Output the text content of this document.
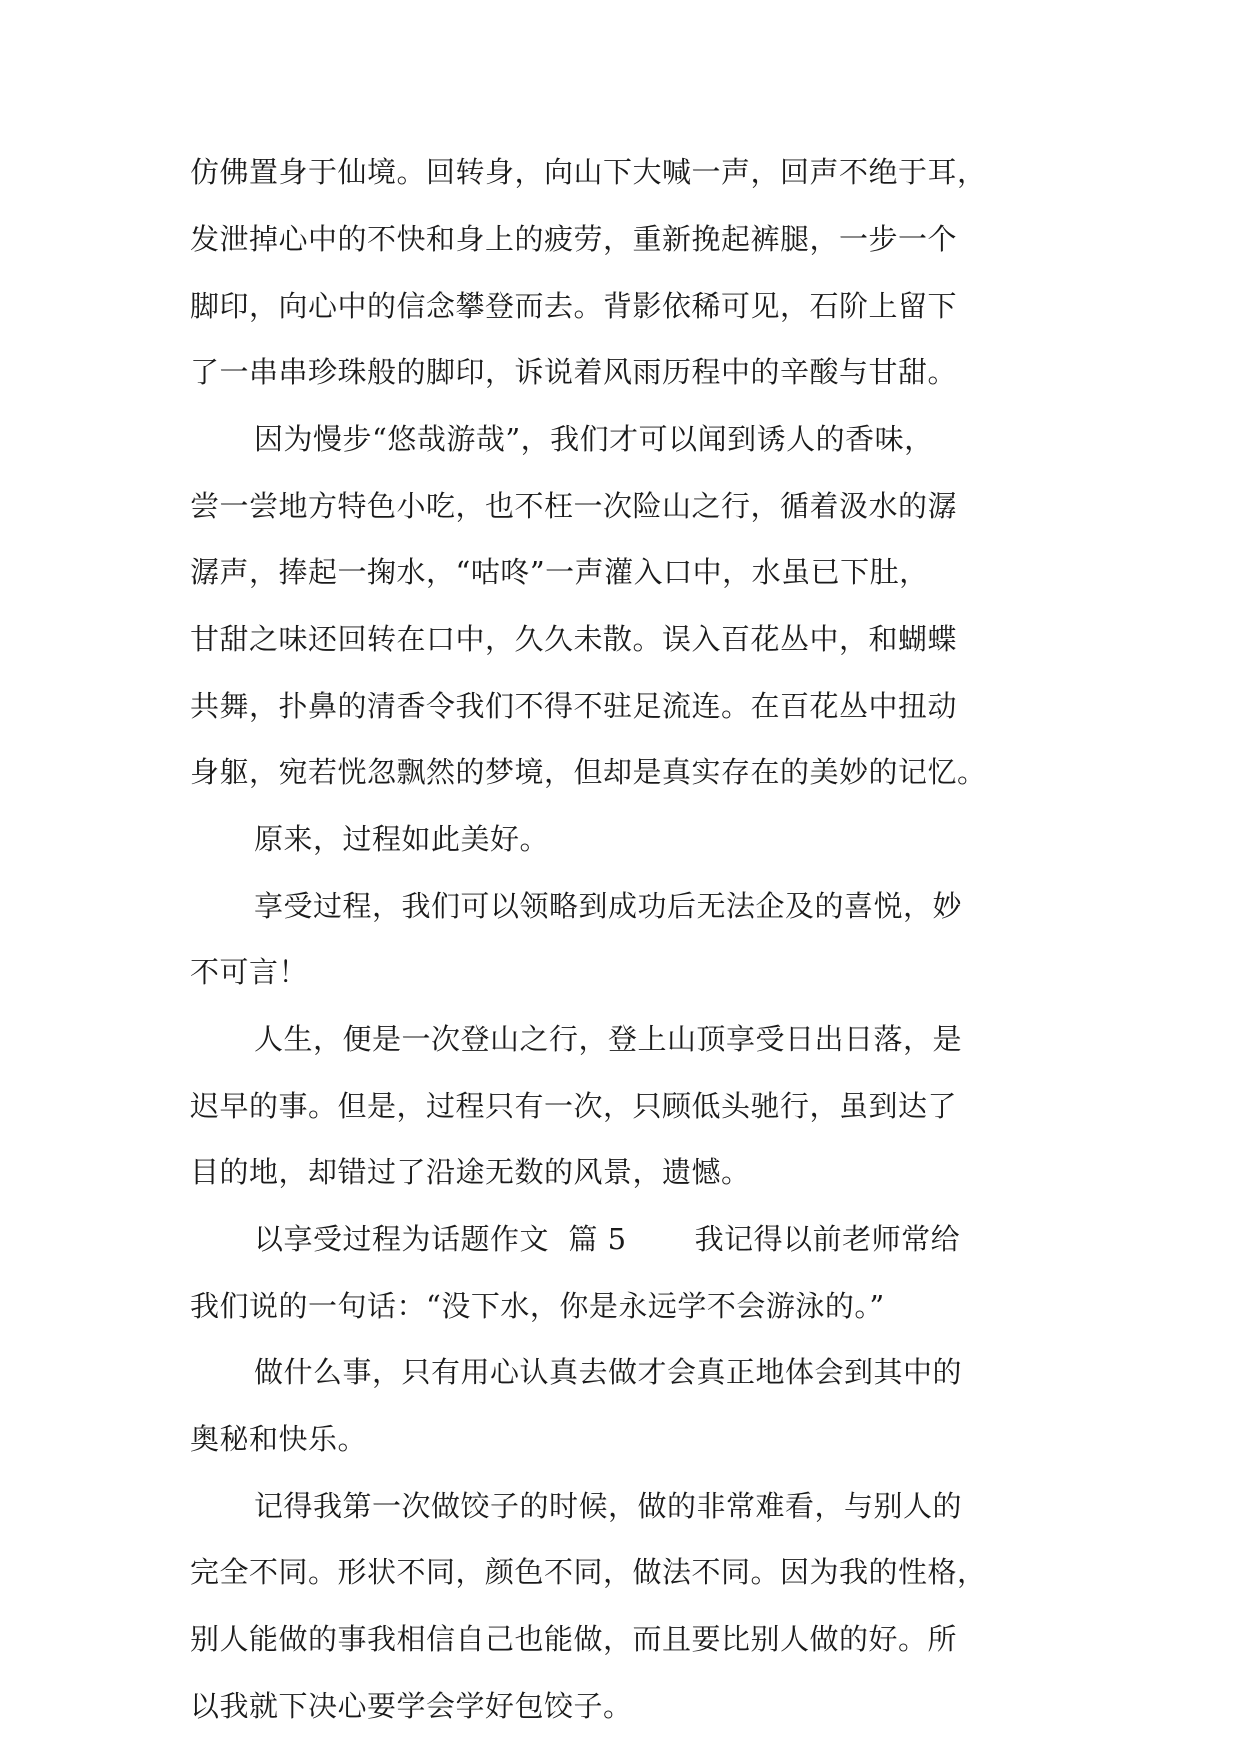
仿佛置身于仙境。回转身，向山下大喊一声，回声不绝于耳，
发泄掉心中的不快和身上的疲劳，重新挽起裤腿，一步一个
脚印，向心中的信念攀登而去。背影依稀可见，石阶上留下
了一串串珍珠般的脚印，诉说着风雨历程中的辛酸与甘甜。
因为慢步“悠哉游哉”，我们才可以闻到诱人的香味，
尝一尝地方特色小吃，也不枉一次险山之行，循着汲水的潺
潺声，捧起一掬水，“咕咚”一声灌入口中，水虽已下肚，
甘甜之味还回转在口中，久久未散。误入百花丛中，和蝴蝶
共舞，扑鼻的清香令我们不得不驻足流连。在百花丛中扭动
身躯，宛若恍忽飘然的梦境，但却是真实存在的美妙的记忆。
原来，过程如此美好。
享受过程，我们可以领略到成功后无法企及的喜悦，妙
不可言！
人生，便是一次登山之行，登上山顶享受日出日落，是
迟早的事。但是，过程只有一次，只顾低头驰行，虽到达了
目的地，却错过了沿途无数的风景，遗憾。
以享受过程为话题作文  篇 5       我记得以前老师常给
我们说的一句话：“没下水，你是永远学不会游泳的。”
做什么事，只有用心认真去做才会真正地体会到其中的
奥秘和快乐。
记得我第一次做饺子的时候，做的非常难看，与别人的
完全不同。形状不同，颜色不同，做法不同。因为我的性格，
别人能做的事我相信自己也能做，而且要比别人做的好。所
以我就下决心要学会学好包饺子。
